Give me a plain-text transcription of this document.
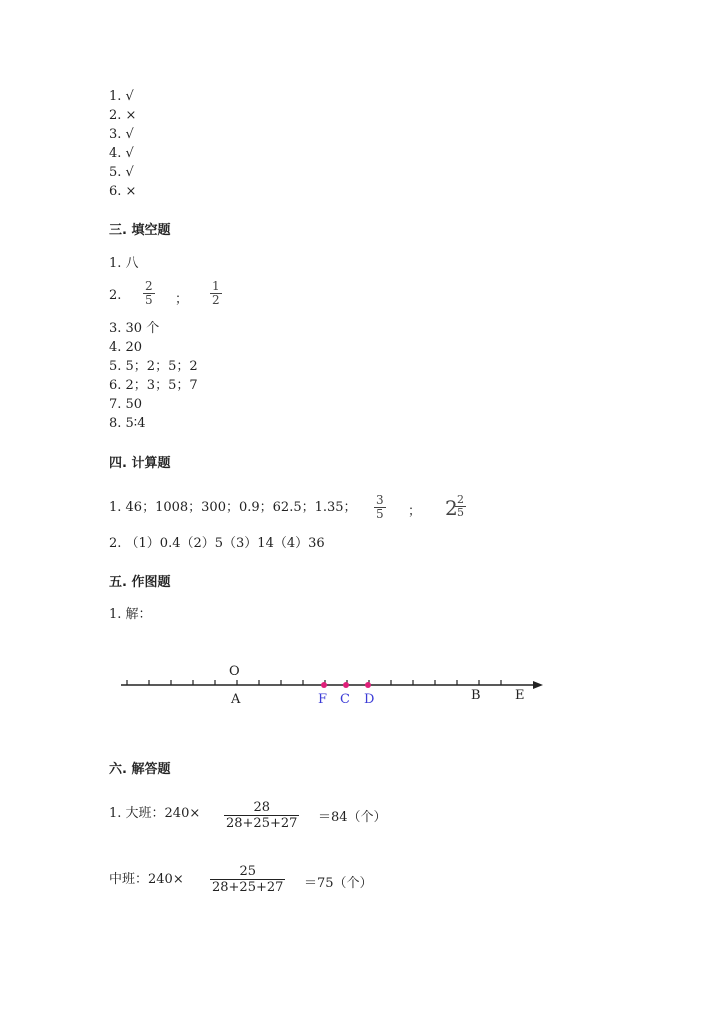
1. √
2. ×
3. √
4. √
5. √
6. ×
三. 填空题
1. 八
2.
2
5 ；
1
2
3. 30 个
4. 20
5. 5；2；5；2
6. 2；3；5；7
7. 50
8. 5∶4
四. 计算题
1. 46；1008；300；0.9；62.5；1.35； 3
5 ； 2 2
5
2. （1）0.4（2）5（3）14（4）36
五. 作图题
1. 解：
O
A	F C D	B	E
六. 解答题
1. 大班：240×	28
28+25+27 ＝84（个）
中班：240×
25
28+25+27 ＝75（个）
